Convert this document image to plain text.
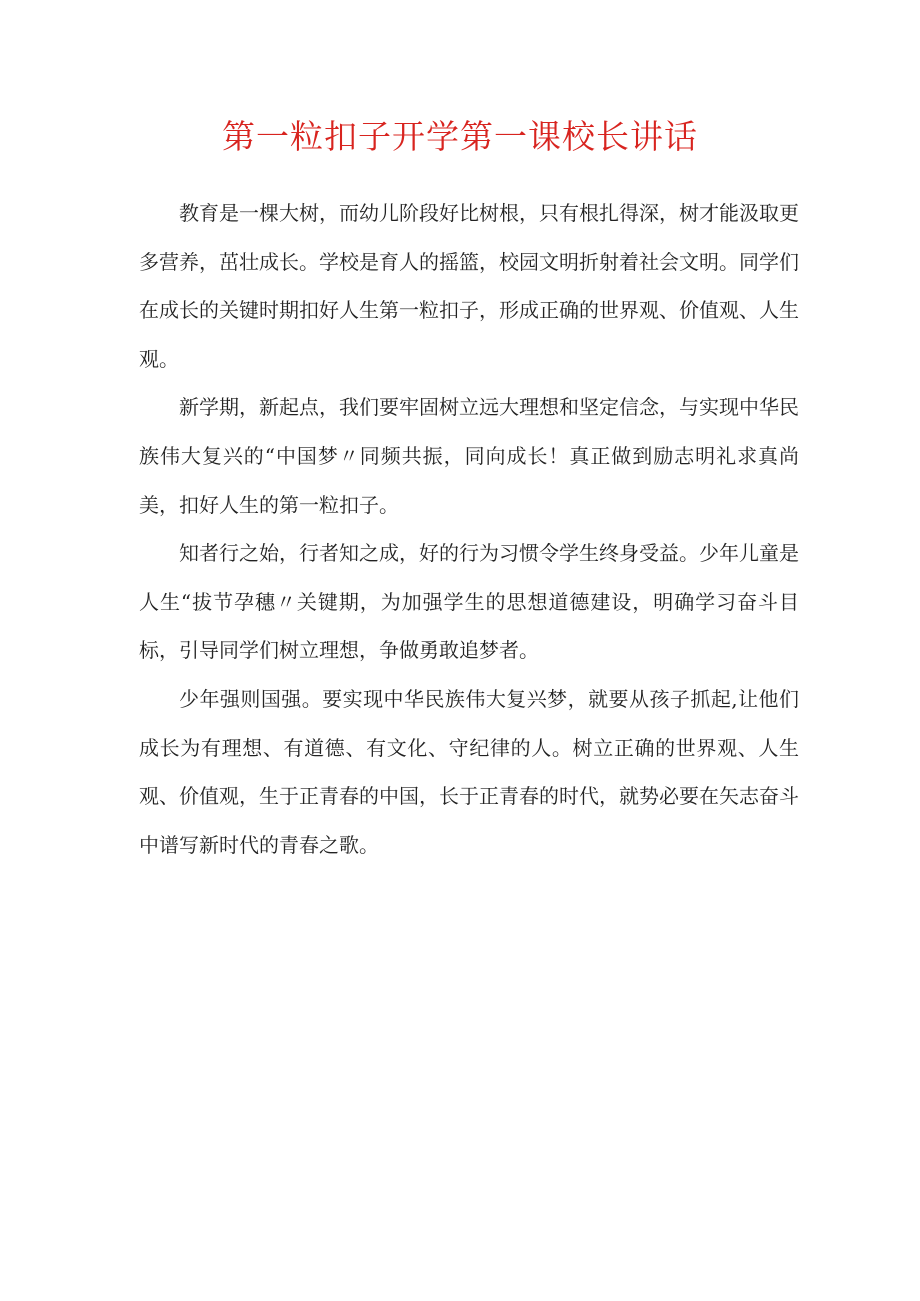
第一粒扣子开学第一课校长讲话

教育是一棵大树，而幼儿阶段好比树根，只有根扎得深，树才能汲取更多营养，茁壮成长。学校是育人的摇篮，校园文明折射着社会文明。同学们在成长的关键时期扣好人生第一粒扣子，形成正确的世界观、价值观、人生观。

新学期，新起点，我们要牢固树立远大理想和坚定信念，与实现中华民族伟大复兴的“中国梦〃同频共振，同向成长！真正做到励志明礼求真尚美，扣好人生的第一粒扣子。

知者行之始，行者知之成，好的行为习惯令学生终身受益。少年儿童是人生“拔节孕穗〃关键期，为加强学生的思想道德建设，明确学习奋斗目标，引导同学们树立理想，争做勇敢追梦者。

少年强则国强。要实现中华民族伟大复兴梦，就要从孩子抓起,让他们成长为有理想、有道德、有文化、守纪律的人。树立正确的世界观、人生观、价值观，生于正青春的中国，长于正青春的时代，就势必要在矢志奋斗中谱写新时代的青春之歌。
